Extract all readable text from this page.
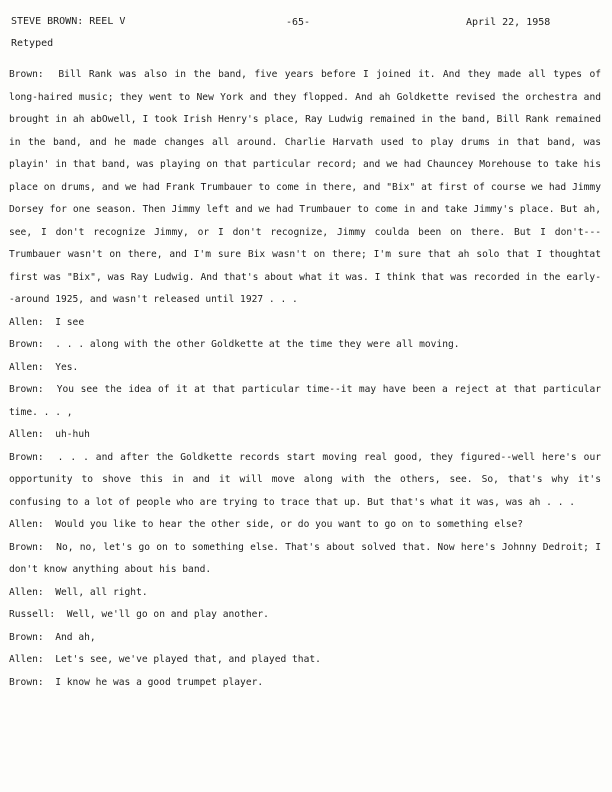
STEVE BROWN: REEL V	-65-	April 22, 1958
Retyped

Brown: Bill Rank was also in the band, five years before I joined it. And they made all types of long-haired music; they went to New York and they flopped. And ah Goldkette revised the orchestra and brought in ah abOwell, I took Irish Henry's place, Ray Ludwig remained in the band, Bill Rank remained in the band, and he made changes all around. Charlie Harvath used to play drums in that band, was playin' in that band, was playing on that particular record; and we had Chauncey Morehouse to take his place on drums, and we had Frank Trumbauer to come in there, and "Bix" at first of course we had Jimmy Dorsey for one season. Then Jimmy left and we had Trumbauer to come in and take Jimmy's place. But ah, see, I don't recognize Jimmy, or I don't recognize, Jimmy coulda been on there. But I don't---Trumbauer wasn't on there, and I'm sure Bix wasn't on there; I'm sure that ah solo that I thoughtat first was "Bix", was Ray Ludwig. And that's about what it was. I think that was recorded in the early--around 1925, and wasn't released until 1927 . . .

Allen: I see

Brown: . . . along with the other Goldkette at the time they were all moving.

Allen: Yes.

Brown: You see the idea of it at that particular time--it may have been a reject at that particular time. . . ,

Allen: uh-huh

Brown: . . . and after the Goldkette records start moving real good, they figured--well here's our opportunity to shove this in and it will move along with the others, see. So, that's why it's confusing to a lot of people who are trying to trace that up. But that's what it was, was ah . . .

Allen: Would you like to hear the other side, or do you want to go on to something else?

Brown: No, no, let's go on to something else. That's about solved that. Now here's Johnny Dedroit; I don't know anything about his band.

Allen: Well, all right.

Russell: Well, we'll go on and play another.

Brown: And ah,

Allen: Let's see, we've played that, and played that.

Brown: I know he was a good trumpet player.
